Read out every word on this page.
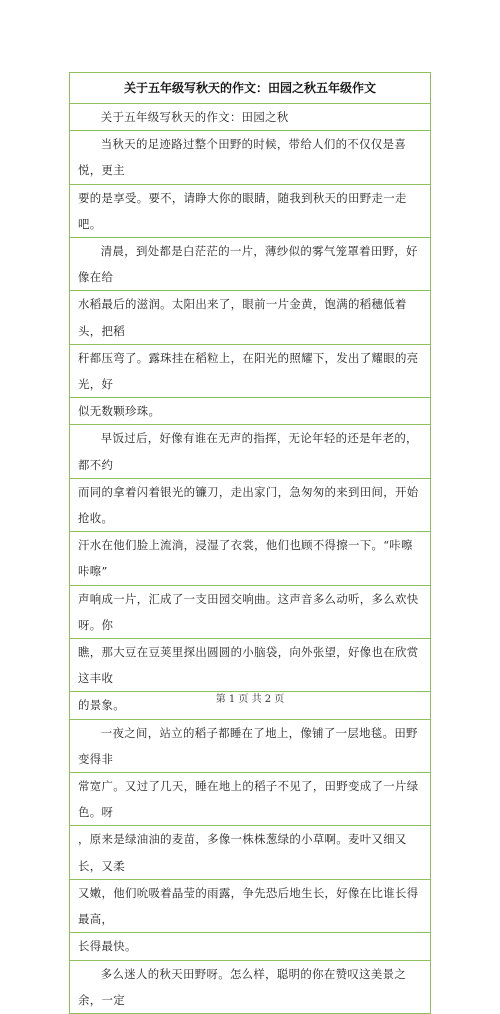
关于五年级写秋天的作文：田园之秋五年级作文
关于五年级写秋天的作文：田园之秋
当秋天的足迹路过整个田野的时候，带给人们的不仅仅是喜悦，更主
要的是享受。要不，请睁大你的眼睛，随我到秋天的田野走一走吧。
清晨，到处都是白茫茫的一片，薄纱似的雾气笼罩着田野，好像在给
水稻最后的滋润。太阳出来了，眼前一片金黄，饱满的稻穗低着头，把稻
秆都压弯了。露珠挂在稻粒上，在阳光的照耀下，发出了耀眼的亮光，好
似无数颗珍珠。
早饭过后，好像有谁在无声的指挥，无论年轻的还是年老的，都不约
而同的拿着闪着银光的镰刀，走出家门，急匆匆的来到田间，开始抢收。
汗水在他们脸上流淌，浸湿了衣裳，他们也顾不得擦一下。“咔嚓咔嚓”
声响成一片，汇成了一支田园交响曲。这声音多么动听，多么欢快呀。你
瞧，那大豆在豆荚里探出圆圆的小脑袋，向外张望，好像也在欣赏这丰收
的景象。
一夜之间，站立的稻子都睡在了地上，像铺了一层地毯。田野变得非
常宽广。又过了几天，睡在地上的稻子不见了，田野变成了一片绿色。呀
，原来是绿油油的麦苗，多像一株株葱绿的小草啊。麦叶又细又长，又柔
又嫩，他们吮吸着晶莹的雨露，争先恐后地生长，好像在比谁长得最高，
长得最快。
多么迷人的秋天田野呀。怎么样，聪明的你在赞叹这美景之余，一定
第 1 页 共 2 页
